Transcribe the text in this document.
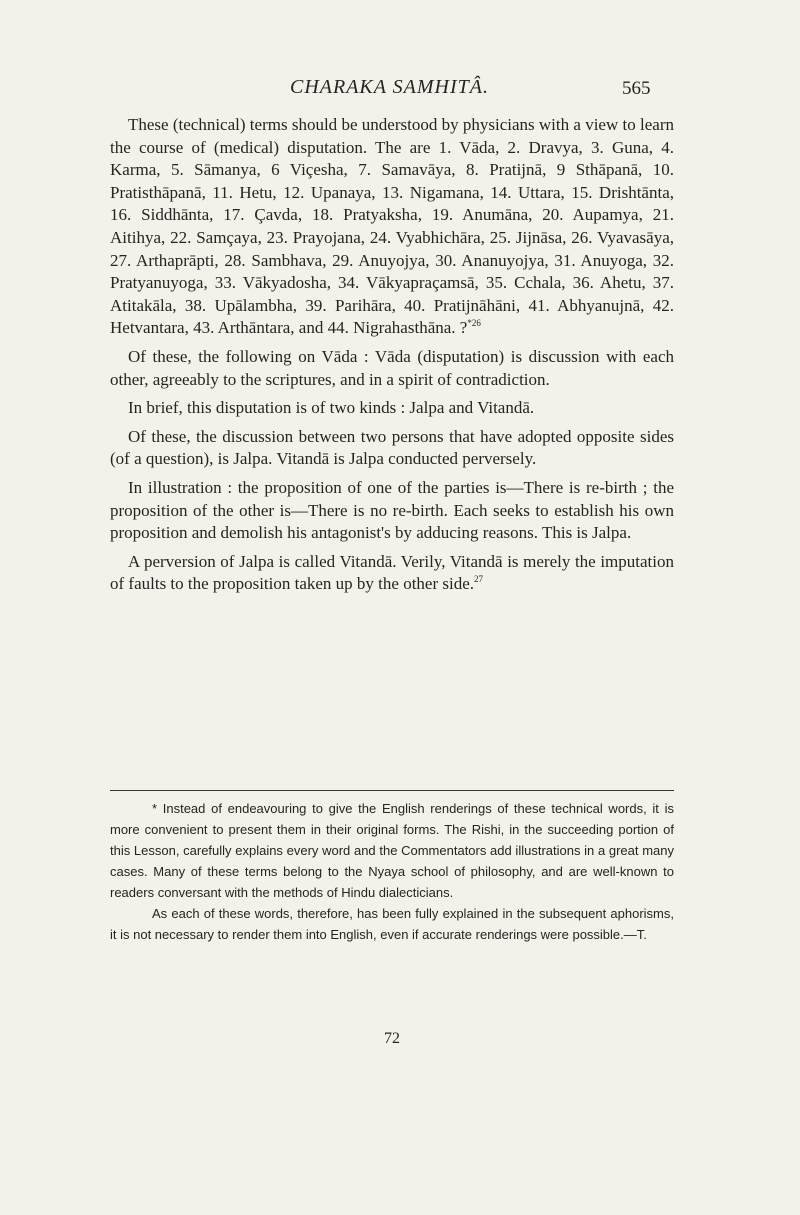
CHARAKA SAMHITÂ.	565

These (technical) terms should be understood by physicians with a view to learn the course of (medical) disputation. The are 1. Vāda, 2. Dravya, 3. Guna, 4. Karma, 5. Sāmanya, 6 Viçesha, 7. Samavāya, 8. Pratijnā, 9 Sthāpanā, 10. Pratisthāpanā, 11. Hetu, 12. Upanaya, 13. Nigamana, 14. Uttara, 15. Drishtānta, 16. Siddhānta, 17. Çavda, 18. Pratyaksha, 19. Anumāna, 20. Aupamya, 21. Aitihya, 22. Samçaya, 23. Prayojana, 24. Vyabhichāra, 25. Jijnāsa, 26. Vyavasāya, 27. Arthaprāpti, 28. Sambhava, 29. Anuyojya, 30. Ananuyojya, 31. Anuyoga, 32. Pratyanuyoga, 33. Vākyadosha, 34. Vākyapraçamsā, 35. Cchala, 36. Ahetu, 37. Atitakāla, 38. Upālambha, 39. Parihāra, 40. Pratijnāhāni, 41. Abhyanujnā, 42. Hetvantara, 43. Arthāntara, and 44. Nigrahasthāna. ?$^{*26}$

Of these, the following on Vāda : Vāda (disputation) is discussion with each other, agreeably to the scriptures, and in a spirit of contradiction.

In brief, this disputation is of two kinds : Jalpa and Vitandā.

Of these, the discussion between two persons that have adopted opposite sides (of a question), is Jalpa. Vitandā is Jalpa conducted perversely.

In illustration : the proposition of one of the parties is—There is re-birth ; the proposition of the other is—There is no re-birth. Each seeks to establish his own proposition and demolish his antagonist's by adducing reasons. This is Jalpa.

A perversion of Jalpa is called Vitandā. Verily, Vitandā is merely the imputation of faults to the proposition taken up by the other side.$^{27}$

* Instead of endeavouring to give the English renderings of these technical words, it is more convenient to present them in their original forms. The Rishi, in the succeeding portion of this Lesson, carefully explains every word and the Commentators add illustrations in a great many cases. Many of these terms belong to the Nyaya school of philosophy, and are well-known to readers conversant with the methods of Hindu dialecticians.

As each of these words, therefore, has been fully explained in the subsequent aphorisms, it is not necessary to render them into English, even if accurate renderings were possible.—T.

72
